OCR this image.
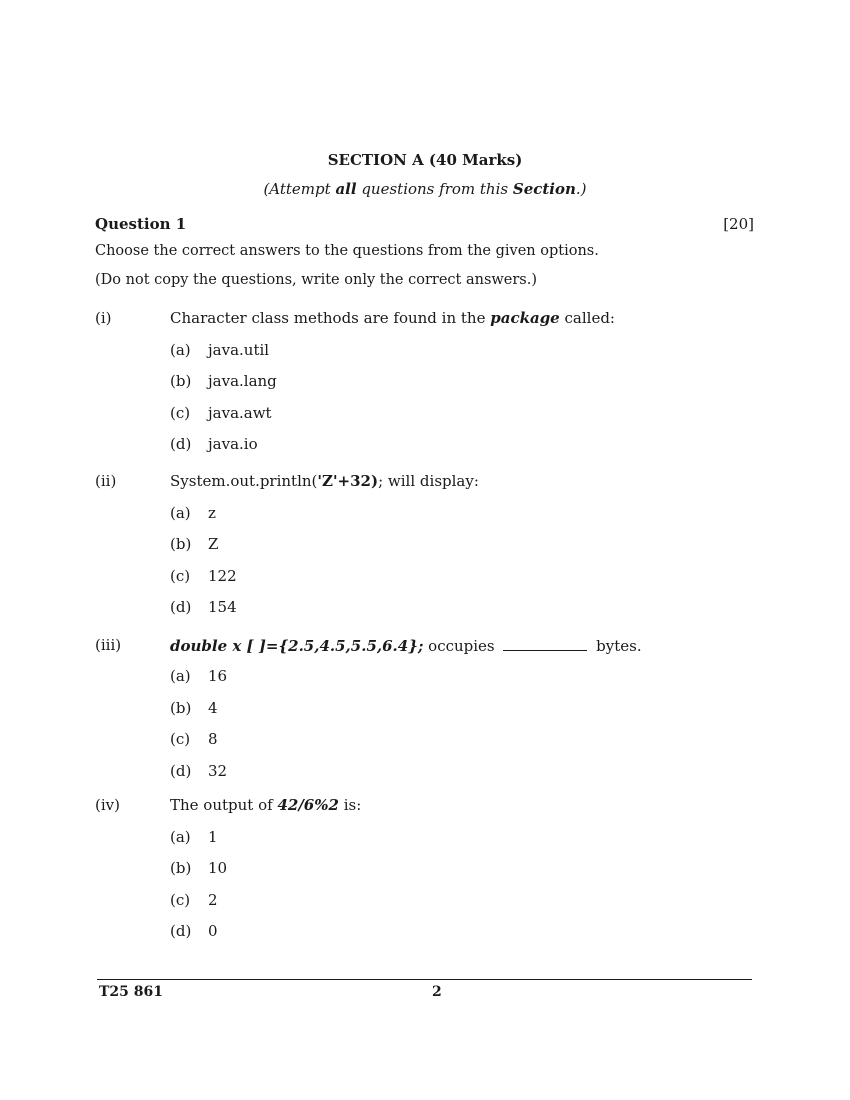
SECTION A (40 Marks)
(Attempt all questions from this Section.)
Question 1	[20]
Choose the correct answers to the questions from the given options.
(Do not copy the questions, write only the correct answers.)
(i)	Character class methods are found in the package called:
(a) java.util
(b) java.lang
(c) java.awt
(d) java.io
(ii)	System.out.println('Z'+32); will display:
(a) z
(b) Z
(c) 122
(d) 154
(iii)	double x [ ]={2.5,4.5,5.5,6.4}; occupies	bytes.
(a) 16
(b) 4
(c) 8
(d) 32
(iv)	The output of 42/6%2 is:
(a) 1
(b) 10
(c) 2
(d) 0
T25 861	2
